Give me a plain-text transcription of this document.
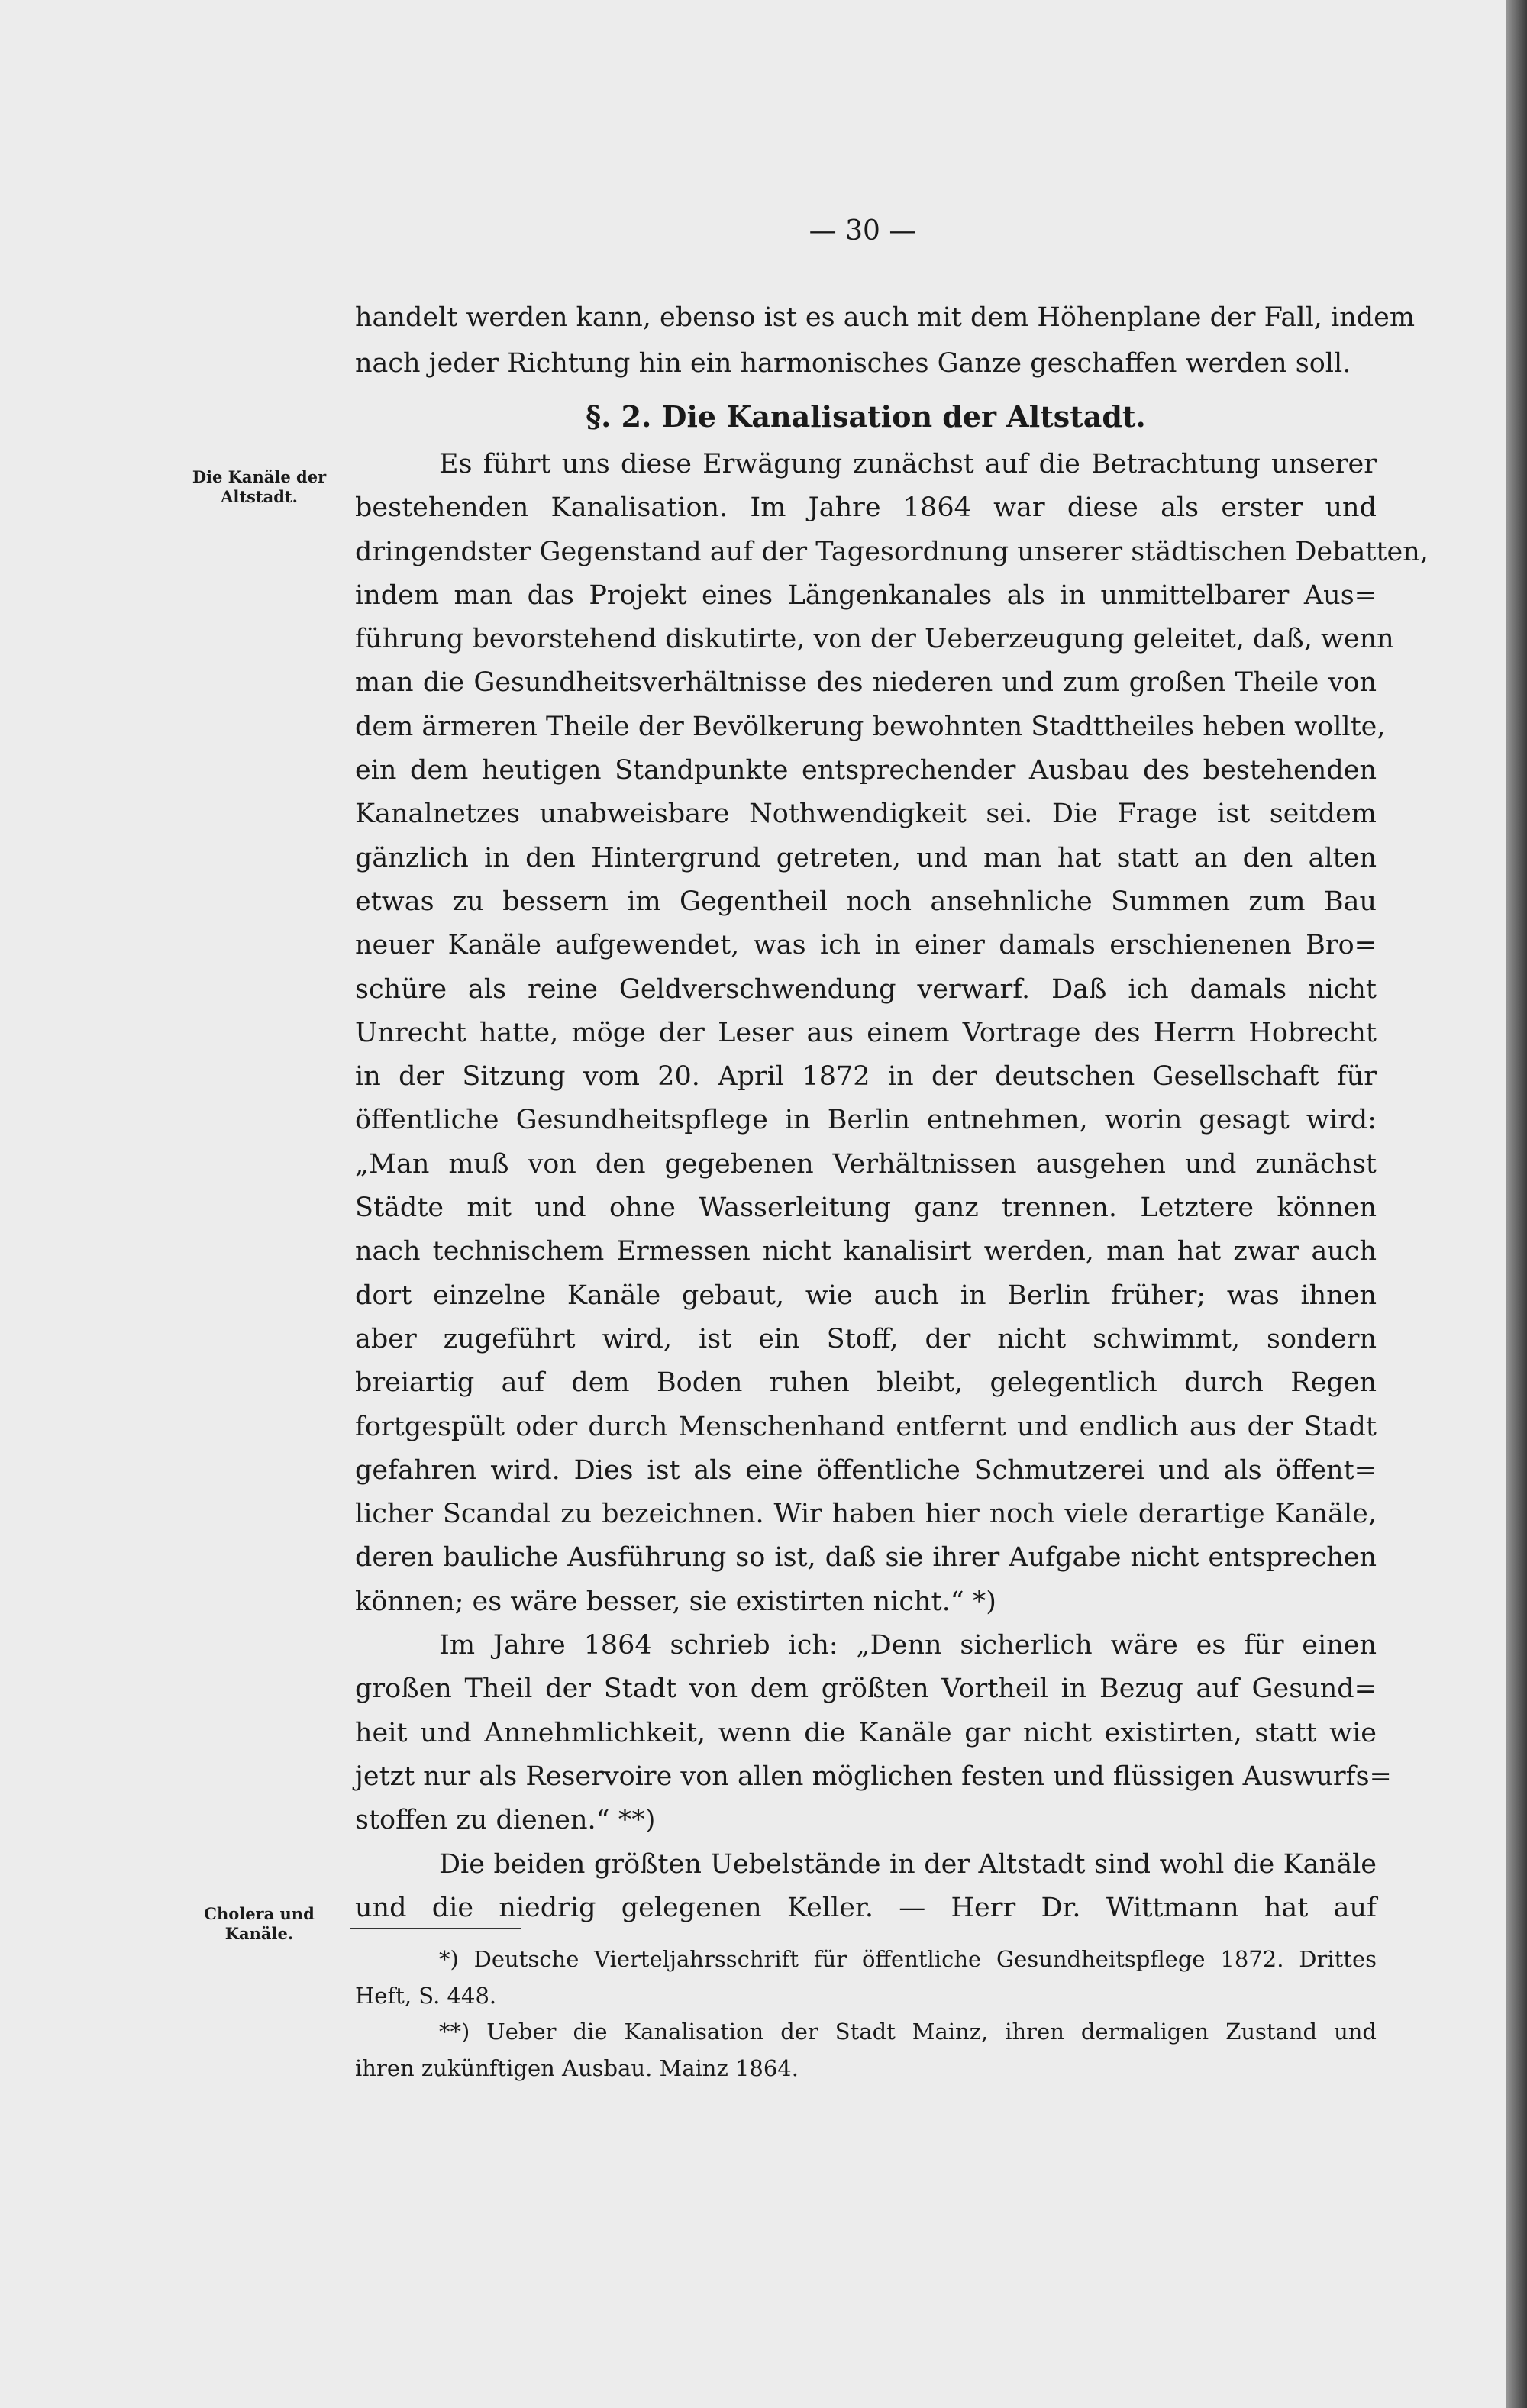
— 30 —
handelt werden kann, ebenso ist es auch mit dem Höhenplane der Fall, indem
nach jeder Richtung hin ein harmonisches Ganze geschaffen werden soll.
§. 2. Die Kanalisation der Altstadt.
Es führt uns diese Erwägung zunächst auf die Betrachtung unserer
bestehenden Kanalisation. Im Jahre 1864 war diese als erster und
dringendster Gegenstand auf der Tagesordnung unserer städtischen Debatten,
indem man das Projekt eines Längenkanales als in unmittelbarer Aus=
führung bevorstehend diskutirte, von der Ueberzeugung geleitet, daß, wenn
man die Gesundheitsverhältnisse des niederen und zum großen Theile von
dem ärmeren Theile der Bevölkerung bewohnten Stadttheiles heben wollte,
ein dem heutigen Standpunkte entsprechender Ausbau des bestehenden
Kanalnetzes unabweisbare Nothwendigkeit sei. Die Frage ist seitdem
gänzlich in den Hintergrund getreten, und man hat statt an den alten
etwas zu bessern im Gegentheil noch ansehnliche Summen zum Bau
neuer Kanäle aufgewendet, was ich in einer damals erschienenen Bro=
schüre als reine Geldverschwendung verwarf. Daß ich damals nicht
Unrecht hatte, möge der Leser aus einem Vortrage des Herrn Hobrecht
in der Sitzung vom 20. April 1872 in der deutschen Gesellschaft für
öffentliche Gesundheitspflege in Berlin entnehmen, worin gesagt wird:
„Man muß von den gegebenen Verhältnissen ausgehen und zunächst
Städte mit und ohne Wasserleitung ganz trennen. Letztere können
nach technischem Ermessen nicht kanalisirt werden, man hat zwar auch
dort einzelne Kanäle gebaut, wie auch in Berlin früher; was ihnen
aber zugeführt wird, ist ein Stoff, der nicht schwimmt, sondern
breiartig auf dem Boden ruhen bleibt, gelegentlich durch Regen
fortgespült oder durch Menschenhand entfernt und endlich aus der Stadt
gefahren wird. Dies ist als eine öffentliche Schmutzerei und als öffent=
licher Scandal zu bezeichnen. Wir haben hier noch viele derartige Kanäle,
deren bauliche Ausführung so ist, daß sie ihrer Aufgabe nicht entsprechen
können; es wäre besser, sie existirten nicht.“ *)
Im Jahre 1864 schrieb ich: „Denn sicherlich wäre es für einen
großen Theil der Stadt von dem größten Vortheil in Bezug auf Gesund=
heit und Annehmlichkeit, wenn die Kanäle gar nicht existirten, statt wie
jetzt nur als Reservoire von allen möglichen festen und flüssigen Auswurfs=
stoffen zu dienen.“ **)
Die beiden größten Uebelstände in der Altstadt sind wohl die Kanäle
und die niedrig gelegenen Keller. — Herr Dr. Wittmann hat auf
Die Kanäle der
Altstadt.
Cholera und
Kanäle.
*) Deutsche Vierteljahrsschrift für öffentliche Gesundheitspflege 1872. Drittes
Heft, S. 448.
**) Ueber die Kanalisation der Stadt Mainz, ihren dermaligen Zustand und
ihren zukünftigen Ausbau. Mainz 1864.
